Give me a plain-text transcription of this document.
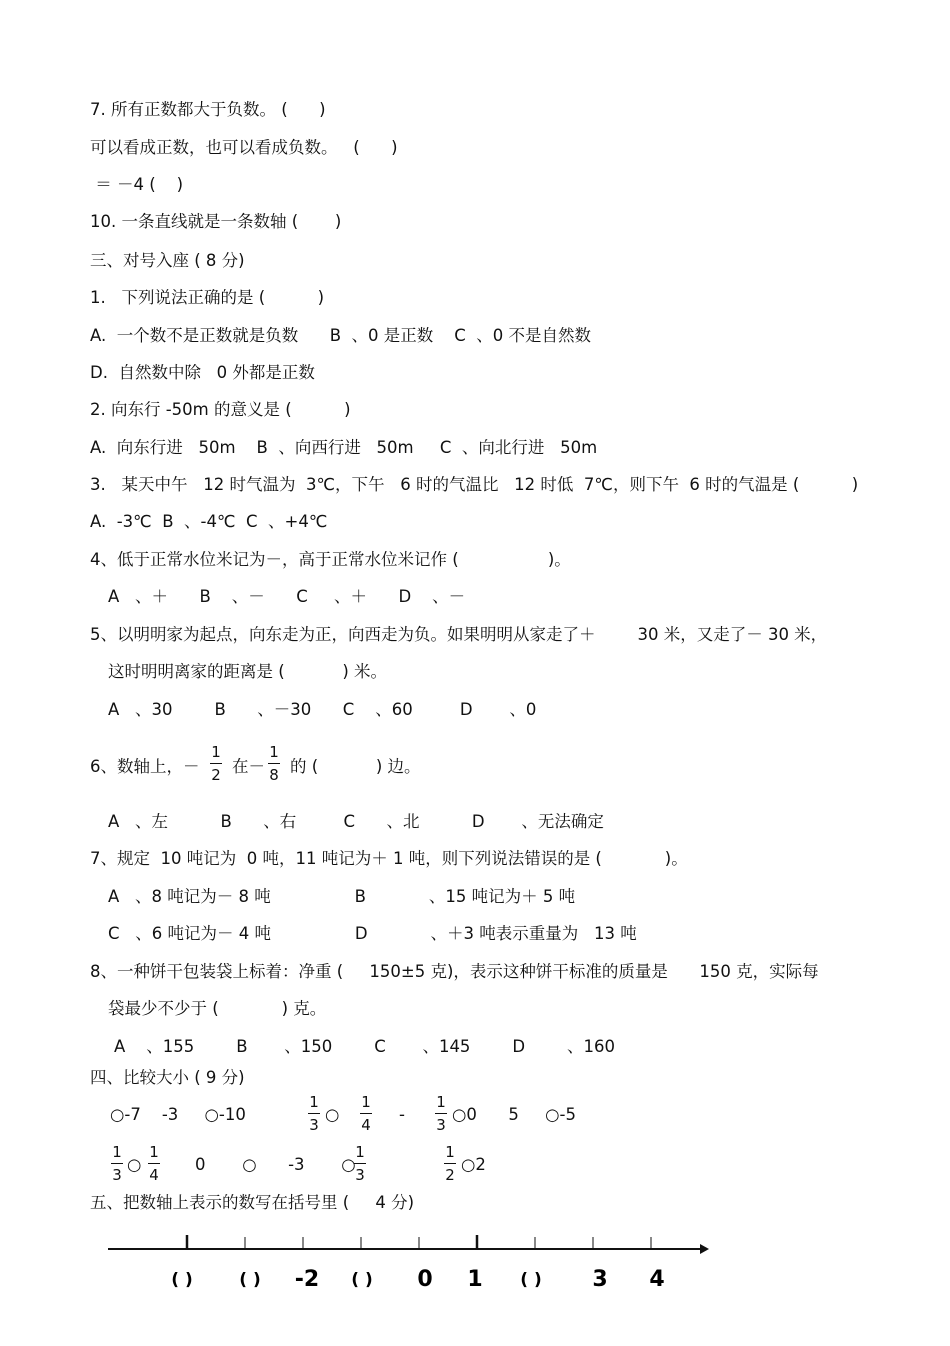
7. 所有正数都大于负数。 (      )
可以看成正数，也可以看成负数。   (      )
＝ －4 (    )
10. 一条直线就是一条数轴 (       )
三、对号入座 ( 8 分)
1.   下列说法正确的是 (          )
A.  一个数不是正数就是负数      B  、0 是正数    C  、0 不是自然数
D.  自然数中除   0 外都是正数
2. 向东行 -50m 的意义是 (          )
A.  向东行进   50m    B  、向西行进   50m     C  、向北行进   50m
3.   某天中午   12 时气温为  3℃，下午   6 时的气温比   12 时低  7℃，则下午  6 时的气温是 (          )
A.  -3℃  B  、-4℃  C  、+4℃
4、低于正常水位米记为－，高于正常水位米记作 (                 )。
A   、＋      B    、－      C     、＋      D    、－
5、以明明家为起点，向东走为正，向西走为负。如果明明从家走了＋        30 米，又走了－ 30 米，
这时明明离家的距离是 (           ) 米。
A   、30        B      、－30      C    、60         D       、0
6、数轴上，－
1
2 在－
1
8 的 (           ) 边。
A   、左          B      、右         C      、北          D       、无法确定
7、规定  10 吨记为  0 吨，11 吨记为＋ 1 吨，则下列说法错误的是 (            )。
A   、8 吨记为－ 8 吨                B            、15 吨记为＋ 5 吨
C   、6 吨记为－ 4 吨                D            、＋3 吨表示重量为   13 吨
8、一种饼干包装袋上标着：净重 (     150±5 克)，表示这种饼干标准的质量是      150 克，实际每
袋最少不少于 (            ) 克。
A    、155        B       、150        C       、145        D        、160
四、比较大小 ( 9 分)
○-7    -3     ○-10
1
3
○
1
4
-
1
3
○0      5     ○-5
1
3
○
1
4
0       ○      -3       ○
1
3
1
2
○2
五、把数轴上表示的数写在括号里 (     4 分)
( )	( ) -2 ( ) 0 1 ( ) 3 4
